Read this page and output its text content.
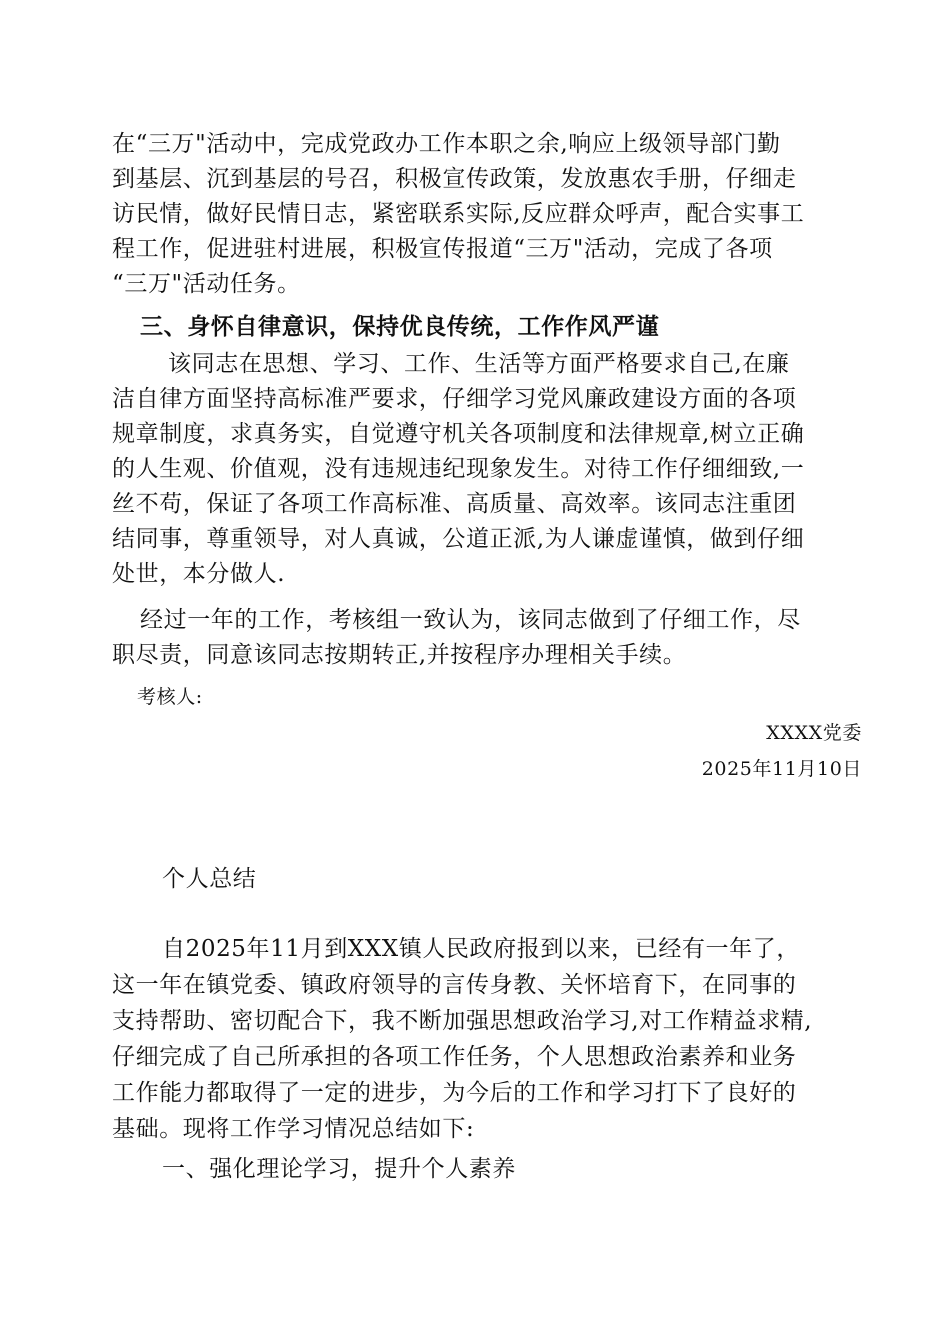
在“三万"活动中，完成党政办工作本职之余,响应上级领导部门勤
到基层、沉到基层的号召，积极宣传政策，发放惠农手册，仔细走
访民情，做好民情日志，紧密联系实际,反应群众呼声，配合实事工
程工作，促进驻村进展，积极宣传报道“三万"活动，完成了各项
“三万"活动任务。
三、身怀自律意识，保持优良传统，工作作风严谨
该同志在思想、学习、工作、生活等方面严格要求自己,在廉
洁自律方面坚持高标准严要求，仔细学习党风廉政建设方面的各项
规章制度，求真务实，自觉遵守机关各项制度和法律规章,树立正确
的人生观、价值观，没有违规违纪现象发生。对待工作仔细细致,一
丝不苟，保证了各项工作高标准、高质量、高效率。该同志注重团
结同事，尊重领导，对人真诚，公道正派,为人谦虚谨慎，做到仔细
处世，本分做人.
经过一年的工作，考核组一致认为，该同志做到了仔细工作，尽
职尽责，同意该同志按期转正,并按程序办理相关手续。
考核人:
XXXX党委
2025年11月10日
个人总结
自2025年11月到XXX镇人民政府报到以来，已经有一年了，
这一年在镇党委、镇政府领导的言传身教、关怀培育下，在同事的
支持帮助、密切配合下，我不断加强思想政治学习,对工作精益求精,
仔细完成了自己所承担的各项工作任务，个人思想政治素养和业务
工作能力都取得了一定的进步，为今后的工作和学习打下了良好的
基础。现将工作学习情况总结如下:
一、强化理论学习，提升个人素养
